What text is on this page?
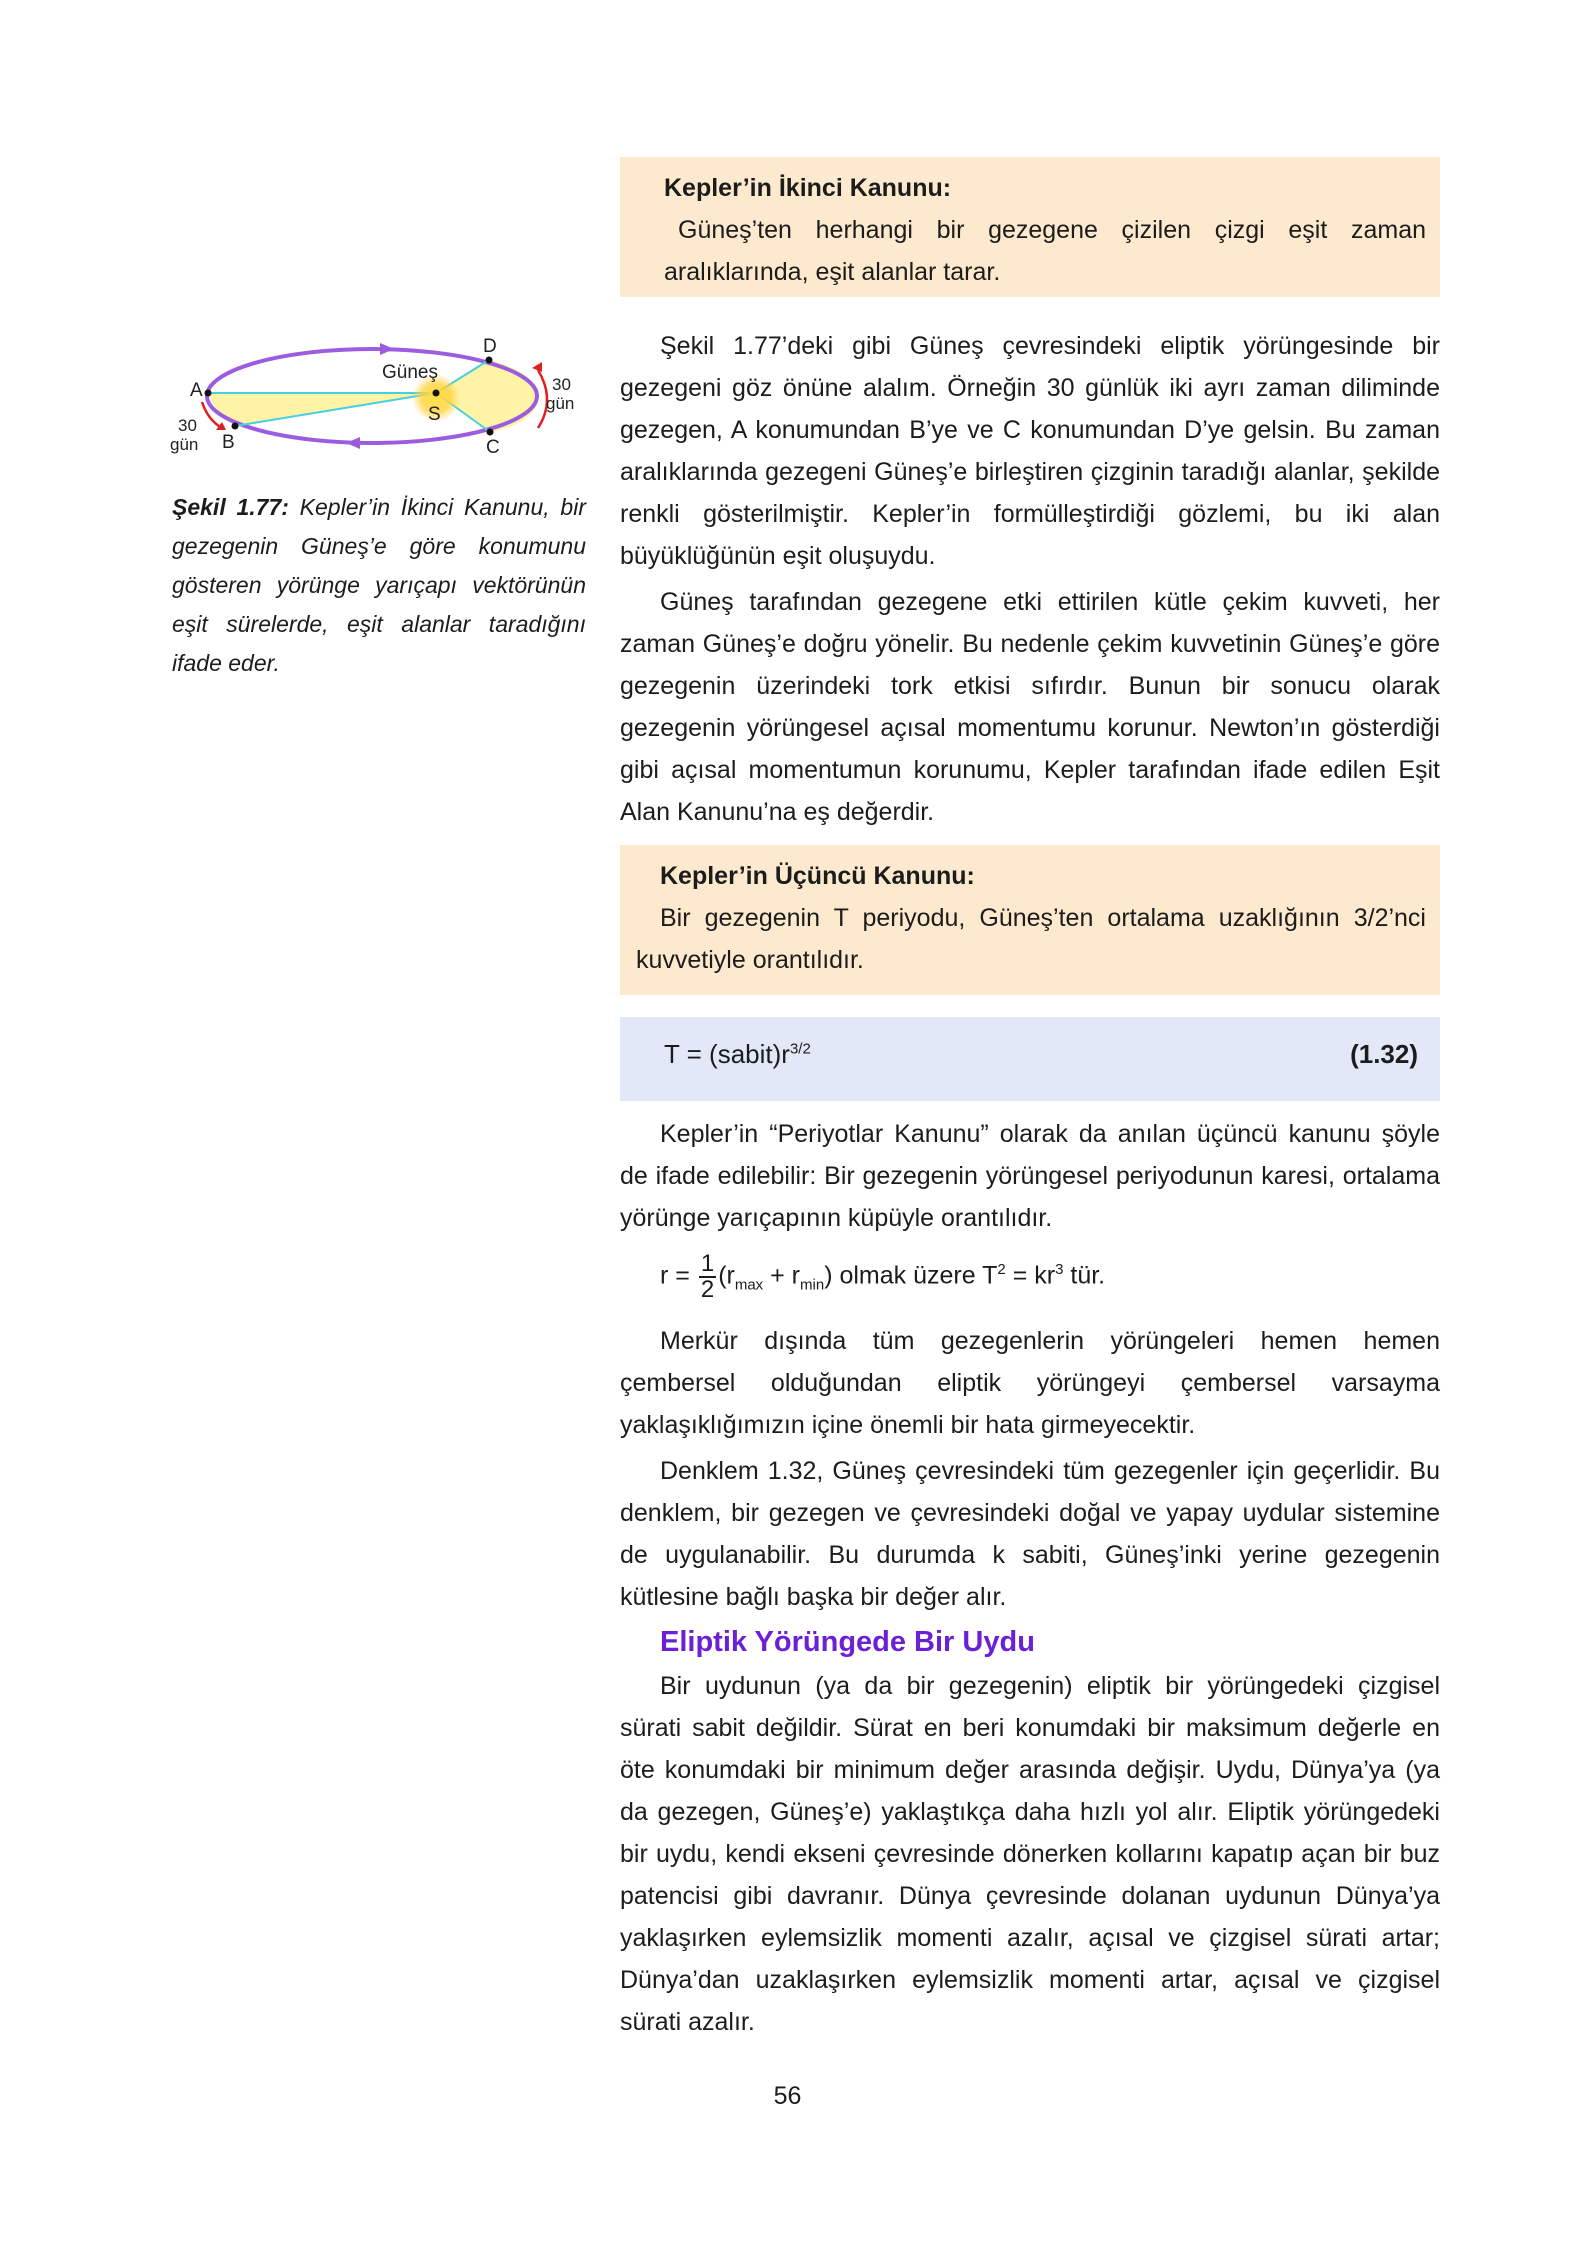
Kepler’in İkinci Kanunu:
Güneş’ten herhangi bir gezegene çizilen çizgi eşit zaman aralıklarında, eşit alanlar tarar.
Güneş
S
A
B
D
C
30
gün
30
gün
Şekil 1.77: Kepler’in İkinci Kanunu, bir gezegenin Güneş’e göre konumunu gösteren yörünge yarıçapı vektörünün eşit sürelerde, eşit alanlar taradığını ifade eder.

Şekil 1.77’deki gibi Güneş çevresindeki eliptik yörüngesinde bir gezegeni göz önüne alalım. Örneğin 30 günlük iki ayrı zaman diliminde gezegen, A konumundan B’ye ve C konumundan D’ye gelsin. Bu zaman aralıklarında gezegeni Güneş’e birleştiren çizginin taradığı alanlar, şekilde renkli gösterilmiştir. Kepler’in formülleştirdiği gözlemi, bu iki alan büyüklüğünün eşit oluşuydu.

Güneş tarafından gezegene etki ettirilen kütle çekim kuvveti, her zaman Güneş’e doğru yönelir. Bu nedenle çekim kuvvetinin Güneş’e göre gezegenin üzerindeki tork etkisi sıfırdır. Bunun bir sonucu olarak gezegenin yörüngesel açısal momentumu korunur. Newton’ın gösterdiği gibi açısal momentumun korunumu, Kepler tarafından ifade edilen Eşit Alan Kanunu’na eş değerdir.

Kepler’in Üçüncü Kanunu:
Bir gezegenin T periyodu, Güneş’ten ortalama uzaklığının 3/2’nci kuvvetiyle orantılıdır.
$T = (sabit)r^{3/2}$	(1.32)

Kepler’in “Periyotlar Kanunu” olarak da anılan üçüncü kanunu şöyle de ifade edilebilir: Bir gezegenin yörüngesel periyodunun karesi, ortalama yörünge yarıçapının küpüyle orantılıdır.

$r = \frac{1}{2} (r_{max} + r_{min})$ olmak üzere $T^2 = kr^3$ tür.

Merkür dışında tüm gezegenlerin yörüngeleri hemen hemen çembersel olduğundan eliptik yörüngeyi çembersel varsayma yaklaşıklığımızın içine önemli bir hata girmeyecektir.

Denklem 1.32, Güneş çevresindeki tüm gezegenler için geçerlidir. Bu denklem, bir gezegen ve çevresindeki doğal ve yapay uydular sistemine de uygulanabilir. Bu durumda k sabiti, Güneş’inki yerine gezegenin kütlesine bağlı başka bir değer alır.

Eliptik Yörüngede Bir Uydu

Bir uydunun (ya da bir gezegenin) eliptik bir yörüngedeki çizgisel sürati sabit değildir. Sürat en beri konumdaki bir maksimum değerle en öte konumdaki bir minimum değer arasında değişir. Uydu, Dünya’ya (ya da gezegen, Güneş’e) yaklaştıkça daha hızlı yol alır. Eliptik yörüngedeki bir uydu, kendi ekseni çevresinde dönerken kollarını kapatıp açan bir buz patencisi gibi davranır. Dünya çevresinde dolanan uydunun Dünya’ya yaklaşırken eylemsizlik momenti azalır, açısal ve çizgisel sürati artar; Dünya’dan uzaklaşırken eylemsizlik momenti artar, açısal ve çizgisel sürati azalır.

56
